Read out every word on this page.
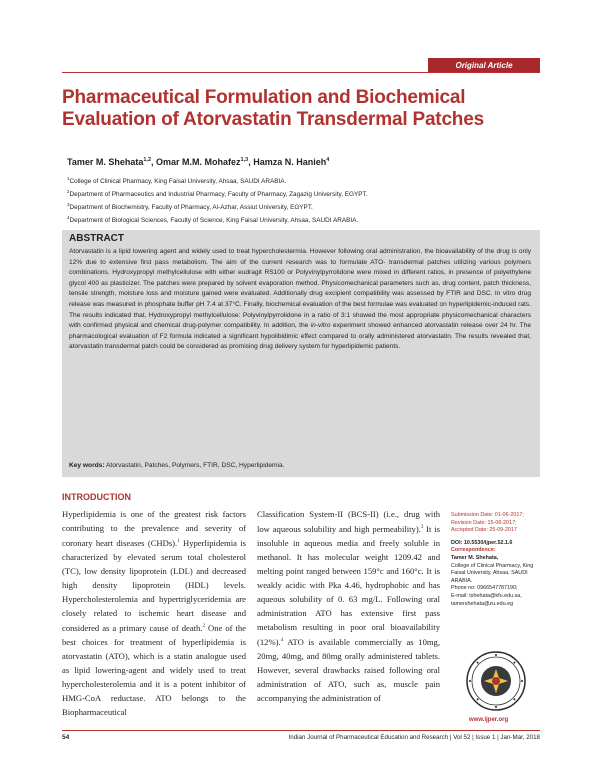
Original Article
Pharmaceutical Formulation and Biochemical
Evaluation of Atorvastatin Transdermal Patches
Tamer M. Shehata$^{1,2}$, Omar M.M. Mohafez$^{1,3}$, Hamza N. Hanieh$^4$
$^1$College of Clinical Pharmacy, King Faisal University, Ahsaa, SAUDI ARABIA.
$^2$Department of Pharmaceutics and Industrial Pharmacy, Faculty of Pharmacy, Zagazig University, EGYPT.
$^3$Department of Biochemistry, Faculty of Pharmacy, Al-Azhar, Assiut University, EGYPT.
$^4$Department of Biological Sciences, Faculty of Science, King Faisal University, Ahsaa, SAUDI ARABIA.
ABSTRACT
Atorvastatin is a lipid lowering agent and widely used to treat hypercholestermia. However following oral administration, the bioavailability of the drug is only 12% due to extensive first pass metabolism. The aim of the current research was to formulate ATO- transdermal patches utilizing various polymers combinations. Hydroxypropyl methylcellulose with either eudragit RS100 or Polyvinylpyrrolidone were mixed in different ratios, in presence of polyethylene glycol 400 as plasticizer. The patches were prepared by solvent evaporation method. Physicomechanical parameters such as, drug content, patch thickness, tensile strength, moisture loss and moisture gained were evaluated. Additionally drug excipient compatibility was assessed by FTIR and DSC. In vitro drug release was measured in phosphate buffer pH 7.4 at 37°C. Finally, biochemical evaluation of the best formulae was evaluated on hyperlipidemic-induced rats. The results indicated that, Hydroxypropyl methylcellulose: Polyvinylpyrrolidone in a ratio of 3:1 showed the most appropriate physicomechanical characters with confirmed physical and chemical drug-polymer compatibility. In addition, the in-vitro experiment showed enhanced atorvastatin release over 24 hr. The pharmacological evaluation of F2 formula indicated a significant hypolibidimic effect compared to orally administered atorvastatin. The results revealed that, atorvastatin transdermal patch could be considered as promising drug delivery system for hyperlipidemic patients.
Key words: Atorvastatin, Patches, Polymers, FTIR, DSC, Hyperlipidemia.
INTRODUCTION
Hyperlipidemia is one of the greatest risk factors contributing to the prevalence and severity of coronary heart diseases (CHDs).$^1$ Hyperlipidemia is characterized by elevated serum total cholesterol (TC), low density lipoprotein (LDL) and decreased high density lipoprotein (HDL) levels. Hypercholesterolemia and hypertriglyceridemia are closely related to ischemic heart disease and considered as a primary cause of death.$^2$ One of the best choices for treatment of hyperlipidemia is atorvastatin (ATO), which is a statin analogue used as lipid lowering-agent and widely used to treat hypercholesterolemia and it is a potent inhibitor of HMG-CoA reductase. ATO belongs to the Biopharmaceutical
Classification System-II (BCS-II) (i.e., drug with low aqueous solubility and high permeability).$^3$ It is insoluble in aqueous media and freely soluble in methanol. It has molecular weight 1209.42 and melting point ranged between 159°c and 160°c. It is weakly acidic with Pka 4.46, hydrophobic and has aqueous solubility of 0. 63 mg/L. Following oral administration ATO has extensive first pass metabolism resulting in poor oral bioavailability (12%).$^4$ ATO is available commercially as 10mg, 20mg, 40mg, and 80mg orally administered tablets. However, several drawbacks raised following oral administration of ATO, such as, muscle pain accompanying the administration of
Submission Date: 01-06-2017;
Revision Date: 15-06-2017;
Accepted Date: 25-09-2017
DOI: 10.5530/ijper.52.1.6
Correspondence:
Tamer M. Shehata,
College of Clinical Pharmacy, King Faisal University, Ahsaa, SAUDI ARABIA.
Phone no: 0966547787190;
E-mail: tshehata@kfu.edu.sa, tamershehata@zu.edu.eg
www.ijper.org
54	Indian Journal of Pharmaceutical Education and Research | Vol 52 | Issue 1 | Jan-Mar, 2018
